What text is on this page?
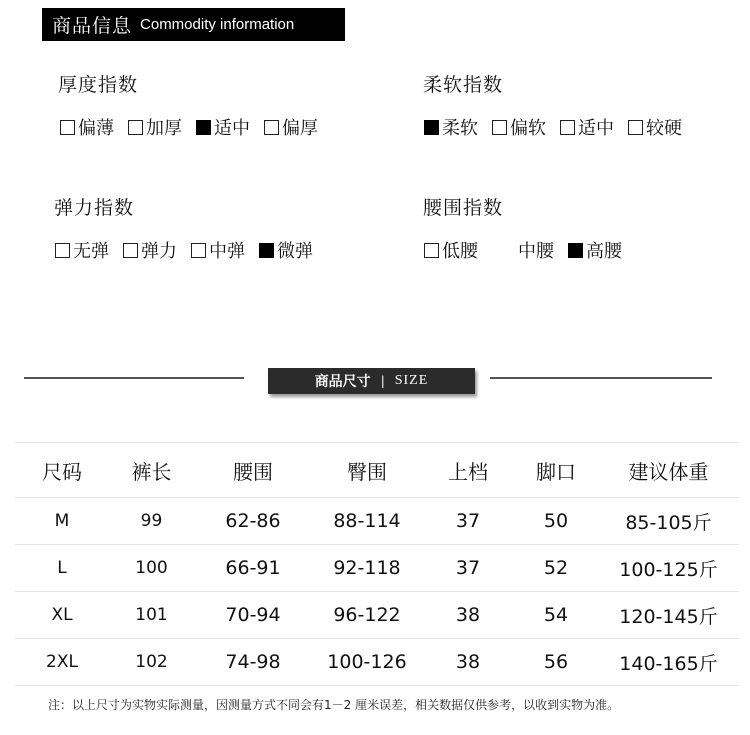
商品信息 Commodity information
厚度指数
偏薄 加厚 适中 偏厚
柔软指数
柔软 偏软 适中 较硬
弹力指数
无弹 弹力 中弹 微弹
腰围指数
低腰 中腰 高腰
商品尺寸 | SIZE
尺码	裤长	腰围	臀围	上档	脚口	建议体重
M	99	62-86	88-114	37	50	85-105斤
L	100	66-91	92-118	37	52	100-125斤
XL	101	70-94	96-122	38	54	120-145斤
2XL	102	74-98	100-126	38	56	140-165斤
注：以上尺寸为实物实际测量，因测量方式不同会有1－2 厘米误差，相关数据仅供参考，以收到实物为准。
